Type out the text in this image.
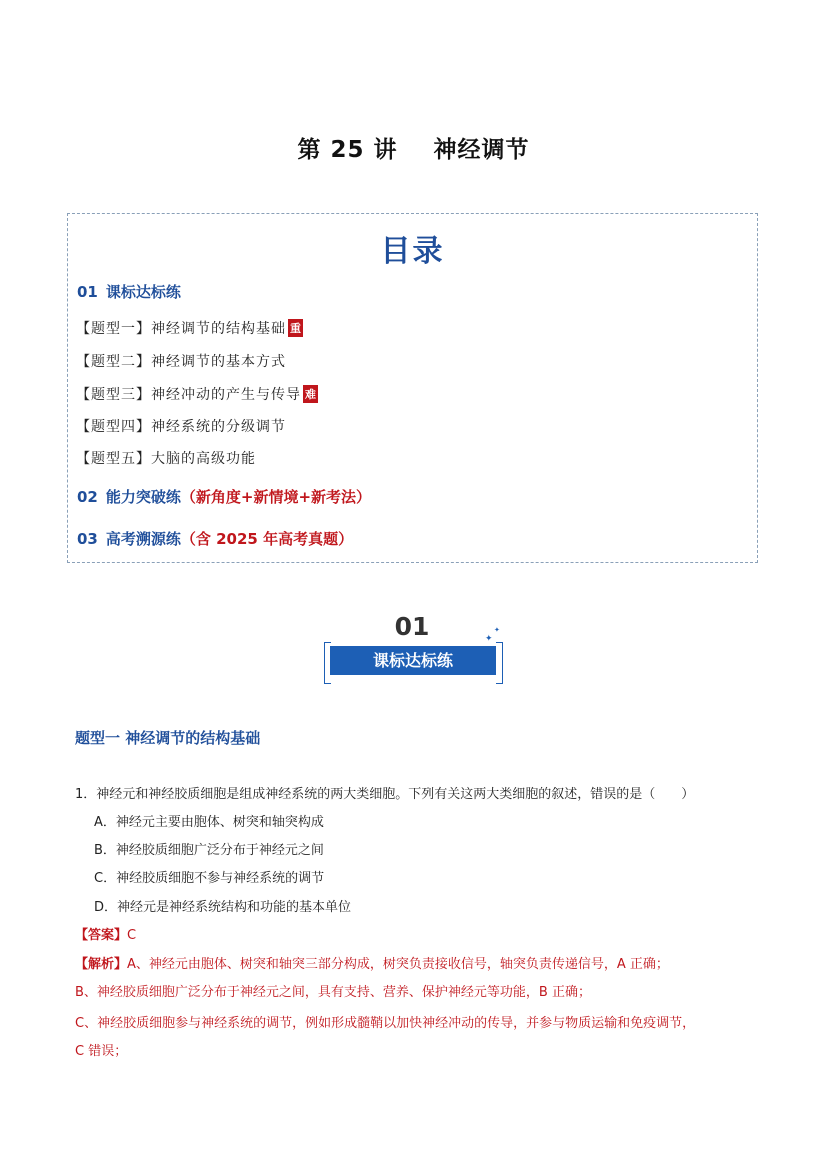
第 25 讲 神经调节
目录
01 课标达标练
【题型一】神经调节的结构基础 重
【题型二】神经调节的基本方式
【题型三】神经冲动的产生与传导 难
【题型四】神经系统的分级调节
【题型五】大脑的高级功能
02 能力突破练（新角度+新情境+新考法）
03 高考溯源练（含 2025 年高考真题）
01
课标达标练
✦
✦
题型一 神经调节的结构基础
1．神经元和神经胶质细胞是组成神经系统的两大类细胞。下列有关这两大类细胞的叙述，错误的是（　　）
A．神经元主要由胞体、树突和轴突构成
B．神经胶质细胞广泛分布于神经元之间
C．神经胶质细胞不参与神经系统的调节
D．神经元是神经系统结构和功能的基本单位
【答案】C
【解析】A、神经元由胞体、树突和轴突三部分构成，树突负责接收信号，轴突负责传递信号，A 正确；
B、神经胶质细胞广泛分布于神经元之间，具有支持、营养、保护神经元等功能，B 正确；
C、神经胶质细胞参与神经系统的调节，例如形成髓鞘以加快神经冲动的传导，并参与物质运输和免疫调节，
C 错误；
